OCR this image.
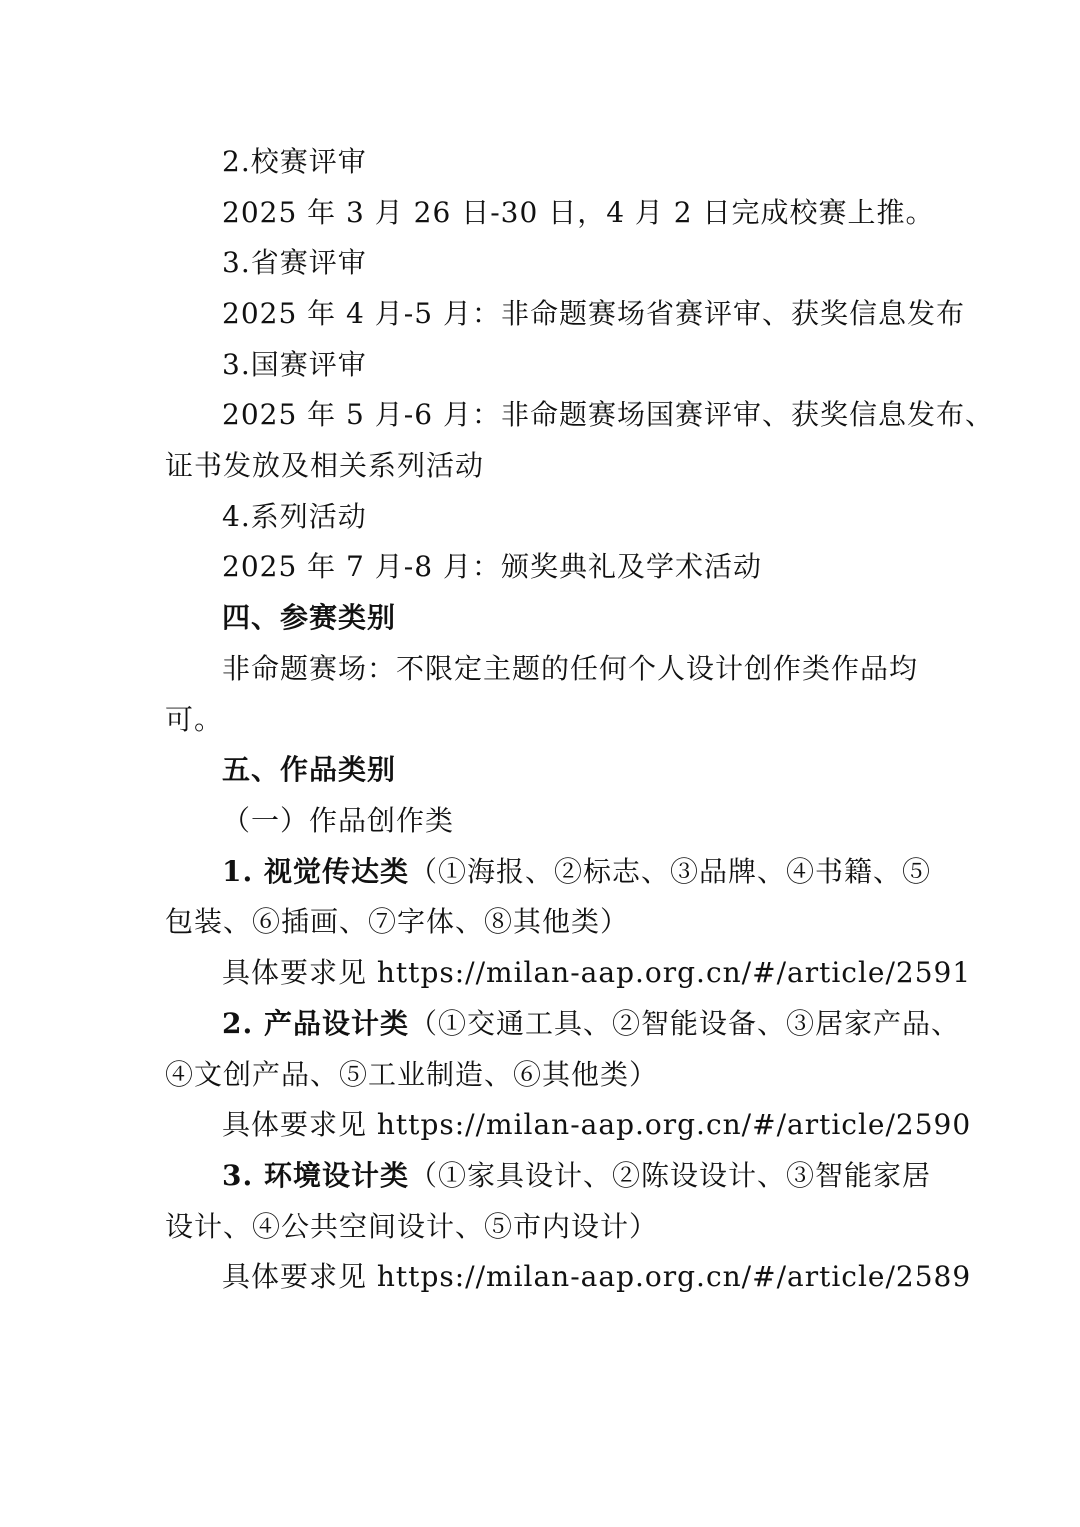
2.校赛评审
2025 年 3 月 26 日-30 日，4 月 2 日完成校赛上推。
3.省赛评审
2025 年 4 月-5 月：非命题赛场省赛评审、获奖信息发布
3.国赛评审
2025 年 5 月-6 月：非命题赛场国赛评审、获奖信息发布、
证书发放及相关系列活动
4.系列活动
2025 年 7 月-8 月：颁奖典礼及学术活动
四、参赛类别
非命题赛场：不限定主题的任何个人设计创作类作品均
可。
五、作品类别
（一）作品创作类
1. 视觉传达类（①海报、②标志、③品牌、④书籍、⑤
包装、⑥插画、⑦字体、⑧其他类）
具体要求见 https://milan-aap.org.cn/#/article/2591
2. 产品设计类（①交通工具、②智能设备、③居家产品、
④文创产品、⑤工业制造、⑥其他类）
具体要求见 https://milan-aap.org.cn/#/article/2590
3. 环境设计类（①家具设计、②陈设设计、③智能家居
设计、④公共空间设计、⑤市内设计）
具体要求见 https://milan-aap.org.cn/#/article/2589
